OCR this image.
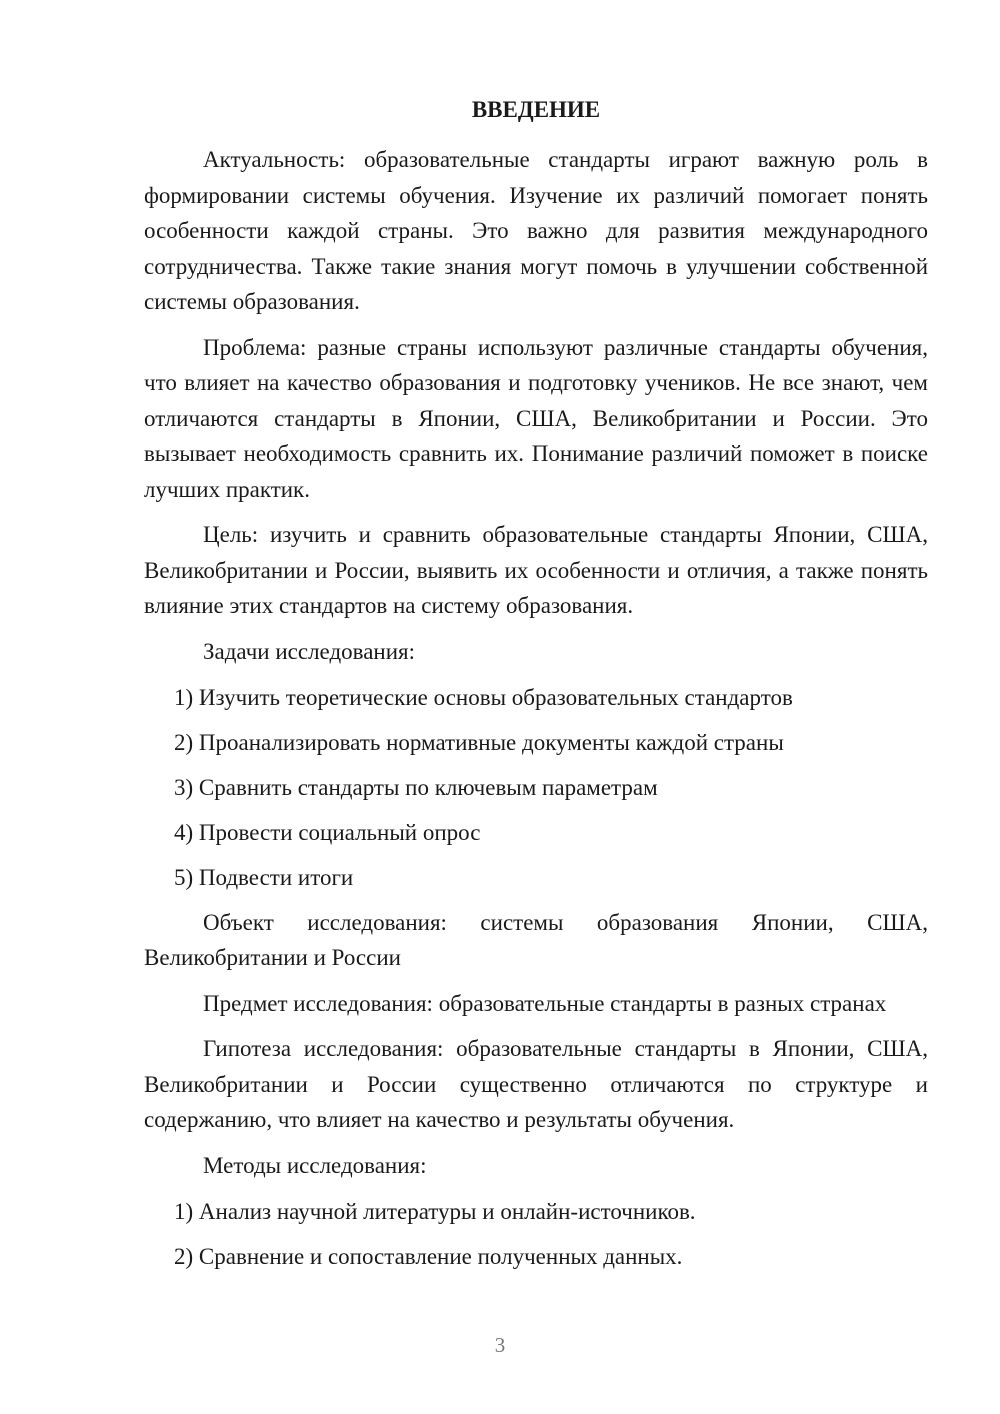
ВВЕДЕНИЕ

Актуальность: образовательные стандарты играют важную роль в формировании системы обучения. Изучение их различий помогает понять особенности каждой страны. Это важно для развития международного сотрудничества. Также такие знания могут помочь в улучшении собственной системы образования.

Проблема: разные страны используют различные стандарты обучения, что влияет на качество образования и подготовку учеников. Не все знают, чем отличаются стандарты в Японии, США, Великобритании и России. Это вызывает необходимость сравнить их. Понимание различий поможет в поиске лучших практик.

Цель: изучить и сравнить образовательные стандарты Японии, США, Великобритании и России, выявить их особенности и отличия, а также понять влияние этих стандартов на систему образования.

Задачи исследования:
1) Изучить теоретические основы образовательных стандартов
2) Проанализировать нормативные документы каждой страны
3) Сравнить стандарты по ключевым параметрам
4) Провести социальный опрос
5) Подвести итоги

Объект исследования: системы образования Японии, США, Великобритании и России

Предмет исследования: образовательные стандарты в разных странах

Гипотеза исследования: образовательные стандарты в Японии, США, Великобритании и России существенно отличаются по структуре и содержанию, что влияет на качество и результаты обучения.

Методы исследования:
1) Анализ научной литературы и онлайн-источников.
2) Сравнение и сопоставление полученных данных.
3
